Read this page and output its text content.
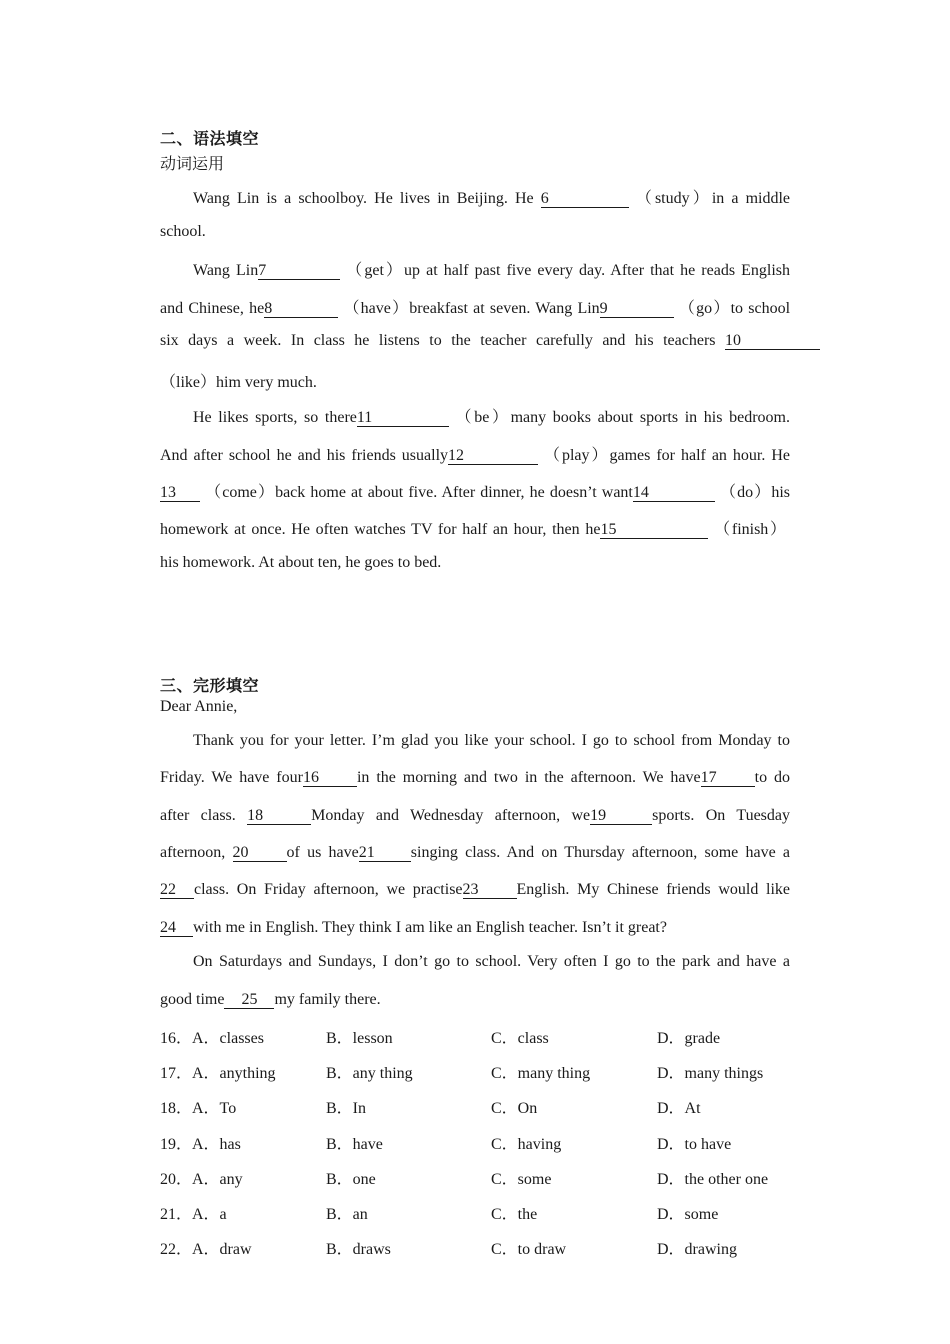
二、语法填空
动词运用
Wang Lin is a schoolboy. He lives in Beijing. He 6	（study）in a middle
school.
Wang Lin7	（get）up at half past five every day. After that he reads English
and Chinese, he8	（have）breakfast at seven. Wang Lin9	（go）to school
six days a week. In class he listens to the teacher carefully and his teachers 10
（like）him very much.
He likes sports, so there11	（be）many books about sports in his bedroom.
And after school he and his friends usually12	（play）games for half an hour. He
13 （come）back home at about five. After dinner, he doesn’t want14	（do）his
homework at once. He often watches TV for half an hour, then he15	（finish）
his homework. At about ten, he goes to bed.
三、完形填空
Dear Annie,
Thank you for your letter. I’m glad you like your school. I go to school from Monday to
Friday. We have four16 in the morning and two in the afternoon. We have17 to do
after class. 18	Monday and Wednesday afternoon, we19	sports. On Tuesday
afternoon, 20 of us have21 singing class. And on Thursday afternoon, some have a
22 class. On Friday afternoon, we practise23 English. My Chinese friends would like
24 with me in English. They think I am like an English teacher. Isn’t it great?
On Saturdays and Sundays, I don’t go to school. Very often I go to the park and have a
good time 25 my family there.
16．A．classes	B．lesson	C．class	D．grade
17．A．anything	B．any thing	C．many thing	D．many things
18．A．To	B．In	C．On	D．At
19．A．has	B．have	C．having	D．to have
20．A．any	B．one	C．some	D．the other one
21．A．a	B．an	C．the	D．some
22．A．draw	B．draws	C．to draw	D．drawing
